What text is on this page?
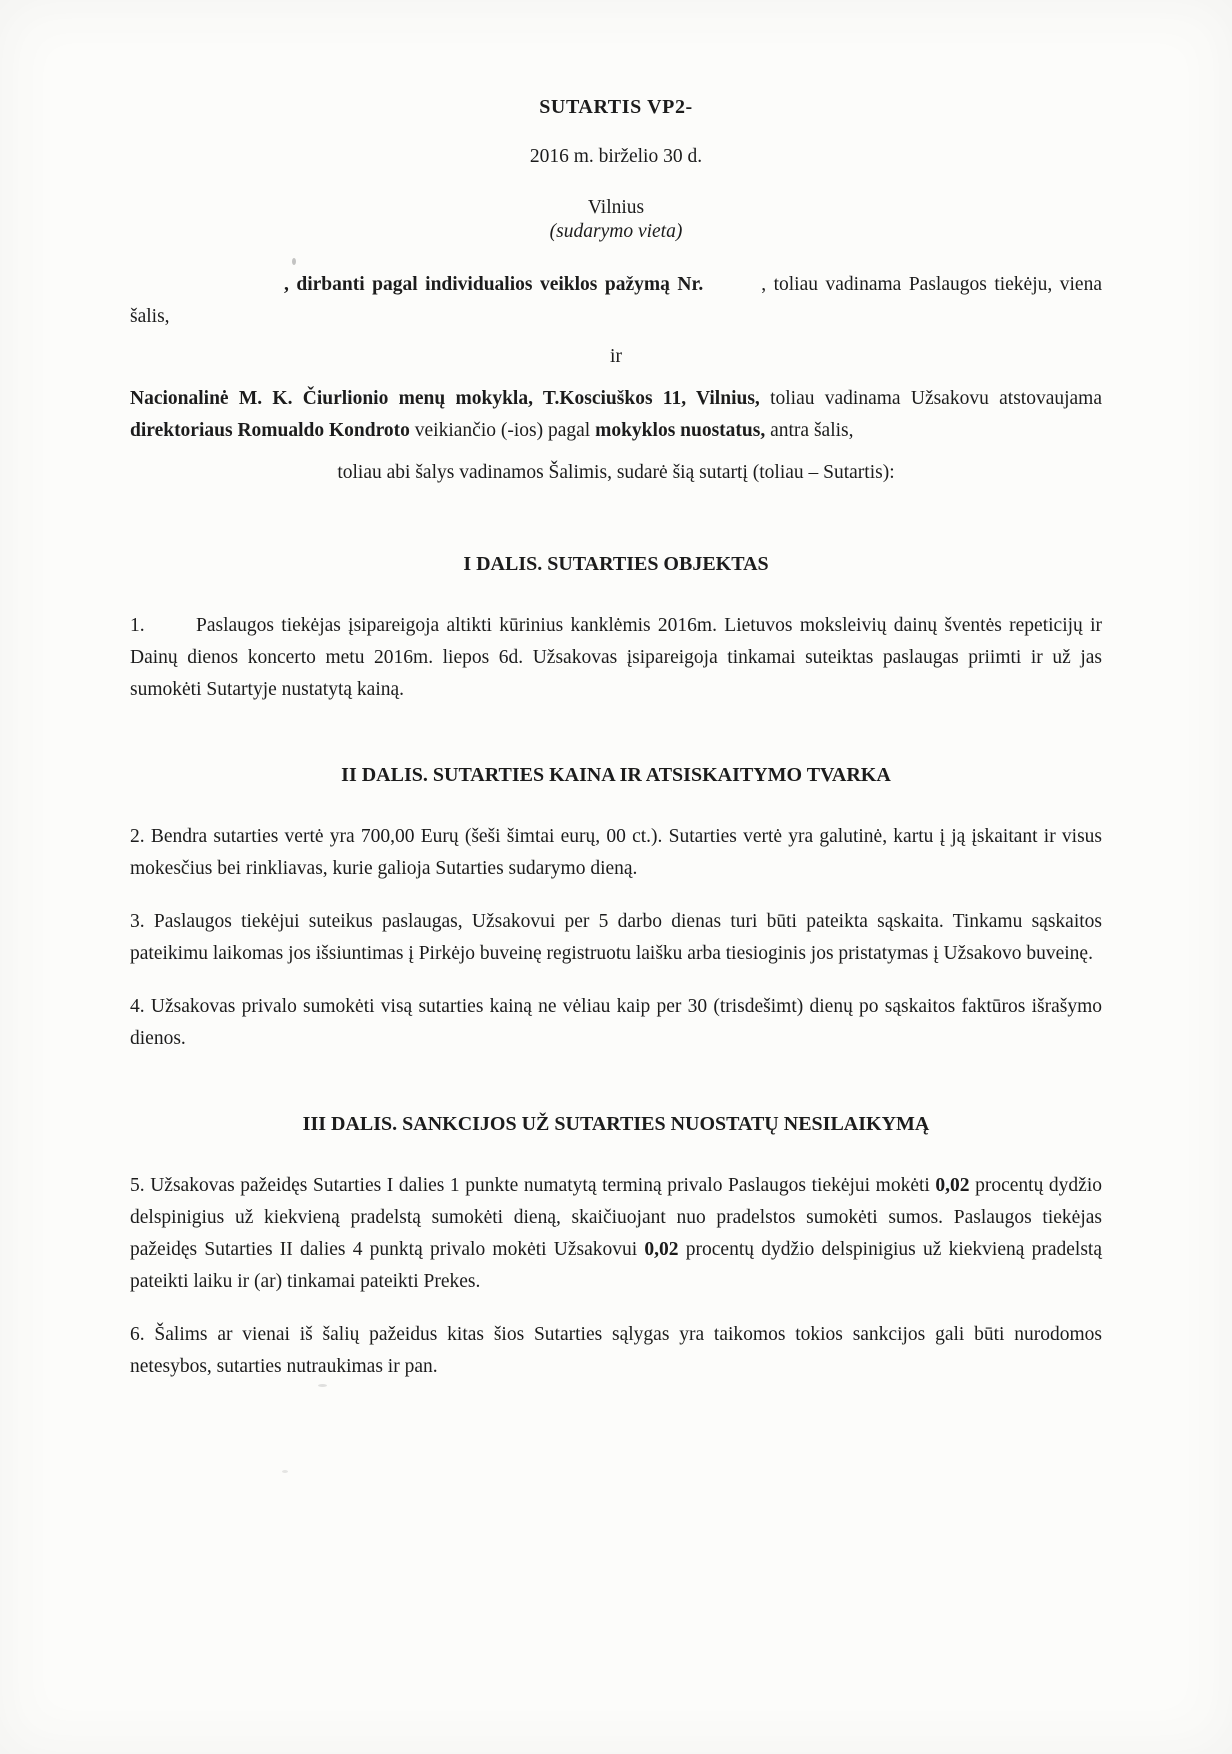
SUTARTIS VP2-
2016 m. birželio 30 d.
Vilnius
(sudarymo vieta)

, dirbanti pagal individualios veiklos pažymą Nr.	, toliau vadinama Paslaugos tiekėju, viena šalis,

ir

Nacionalinė M. K. Čiurlionio menų mokykla, T.Kosciuškos 11, Vilnius, toliau vadinama Užsakovu atstovaujama direktoriaus Romualdo Kondroto veikiančio (-ios) pagal mokyklos nuostatus, antra šalis,

toliau abi šalys vadinamos Šalimis, sudarė šią sutartį (toliau – Sutartis):

I DALIS. SUTARTIES OBJEKTAS

1.	Paslaugos tiekėjas įsipareigoja altikti kūrinius kanklėmis 2016m. Lietuvos moksleivių dainų šventės repeticijų ir Dainų dienos koncerto metu 2016m. liepos 6d. Užsakovas įsipareigoja tinkamai suteiktas paslaugas priimti ir už jas sumokėti Sutartyje nustatytą kainą.

II DALIS. SUTARTIES KAINA IR ATSISKAITYMO TVARKA

2. Bendra sutarties vertė yra 700,00 Eurų (šeši šimtai eurų, 00 ct.). Sutarties vertė yra galutinė, kartu į ją įskaitant ir visus mokesčius bei rinkliavas, kurie galioja Sutarties sudarymo dieną.

3. Paslaugos tiekėjui suteikus paslaugas, Užsakovui per 5 darbo dienas turi būti pateikta sąskaita. Tinkamu sąskaitos pateikimu laikomas jos išsiuntimas į Pirkėjo buveinę registruotu laišku arba tiesioginis jos pristatymas į Užsakovo buveinę.

4. Užsakovas privalo sumokėti visą sutarties kainą ne vėliau kaip per 30 (trisdešimt) dienų po sąskaitos faktūros išrašymo dienos.

III DALIS. SANKCIJOS UŽ SUTARTIES NUOSTATŲ NESILAIKYMĄ

5. Užsakovas pažeidęs Sutarties I dalies 1 punkte numatytą terminą privalo Paslaugos tiekėjui mokėti 0,02 procentų dydžio delspinigius už kiekvieną pradelstą sumokėti dieną, skaičiuojant nuo pradelstos sumokėti sumos. Paslaugos tiekėjas pažeidęs Sutarties II dalies 4 punktą privalo mokėti Užsakovui 0,02 procentų dydžio delspinigius už kiekvieną pradelstą pateikti laiku ir (ar) tinkamai pateikti Prekes.

6. Šalims ar vienai iš šalių pažeidus kitas šios Sutarties sąlygas yra taikomos tokios sankcijos gali būti nurodomos netesybos, sutarties nutraukimas ir pan.
